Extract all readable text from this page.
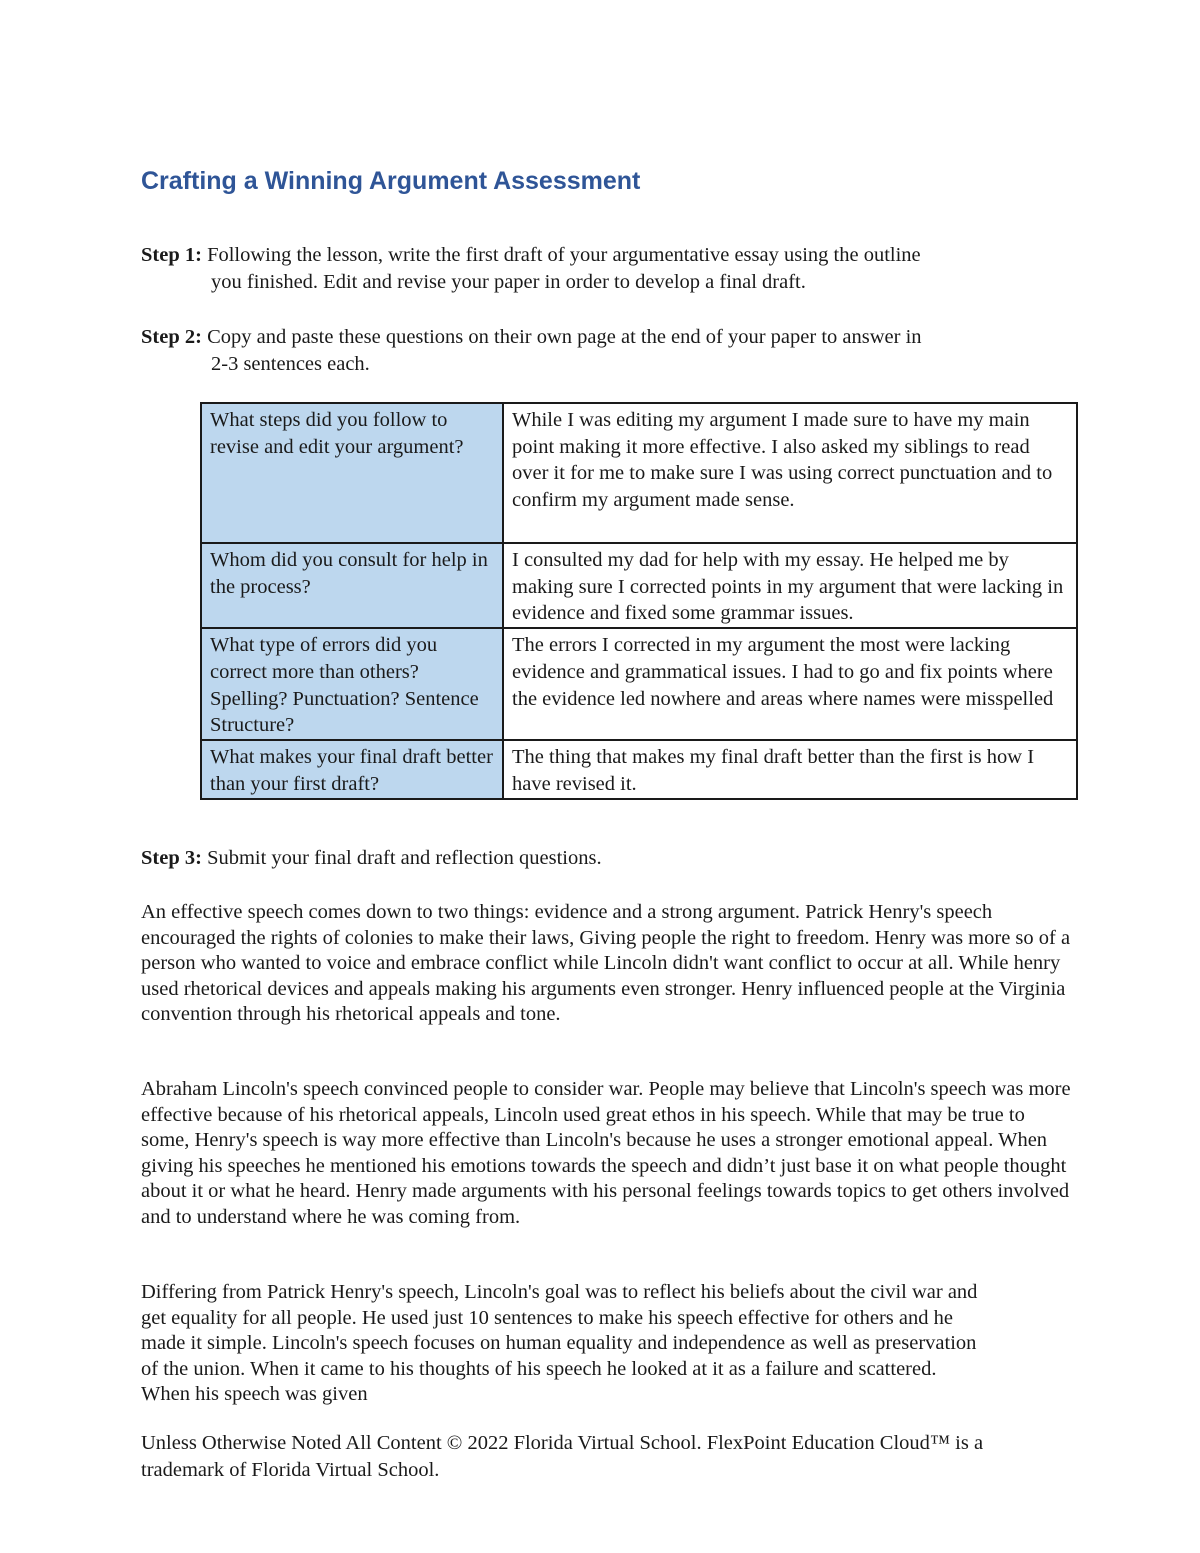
Crafting a Winning Argument Assessment

Step 1: Following the lesson, write the first draft of your argumentative essay using the outline
you finished. Edit and revise your paper in order to develop a final draft.

Step 2: Copy and paste these questions on their own page at the end of your paper to answer in
2-3 sentences each.

What steps did you follow to revise and edit your argument?	While I was editing my argument I made sure to have my main point making it more effective. I also asked my siblings to read over it for me to make sure I was using correct punctuation and to confirm my argument made sense.
Whom did you consult for help in the process?	I consulted my dad for help with my essay. He helped me by making sure I corrected points in my argument that were lacking in evidence and fixed some grammar issues.
What type of errors did you correct more than others? Spelling? Punctuation? Sentence Structure?	The errors I corrected in my argument the most were lacking evidence and grammatical issues. I had to go and fix points where the evidence led nowhere and areas where names were misspelled
What makes your final draft better than your first draft?	The thing that makes my final draft better than the first is how I have revised it.

Step 3: Submit your final draft and reflection questions.

An effective speech comes down to two things: evidence and a strong argument. Patrick Henry's speech encouraged the rights of colonies to make their laws, Giving people the right to freedom. Henry was more so of a person who wanted to voice and embrace conflict while Lincoln didn't want conflict to occur at all. While henry used rhetorical devices and appeals making his arguments even stronger. Henry influenced people at the Virginia convention through his rhetorical appeals and tone.

Abraham Lincoln's speech convinced people to consider war. People may believe that Lincoln's speech was more effective because of his rhetorical appeals, Lincoln used great ethos in his speech. While that may be true to some, Henry's speech is way more effective than Lincoln's because he uses a stronger emotional appeal. When giving his speeches he mentioned his emotions towards the speech and didn’t just base it on what people thought about it or what he heard. Henry made arguments with his personal feelings towards topics to get others involved and to understand where he was coming from.

Differing from Patrick Henry's speech, Lincoln's goal was to reflect his beliefs about the civil war and get equality for all people. He used just 10 sentences to make his speech effective for others and he made it simple. Lincoln's speech focuses on human equality and independence as well as preservation of the union. When it came to his thoughts of his speech he looked at it as a failure and scattered. When his speech was given

Unless Otherwise Noted All Content © 2022 Florida Virtual School. FlexPoint Education Cloud™ is a trademark of Florida Virtual School.
